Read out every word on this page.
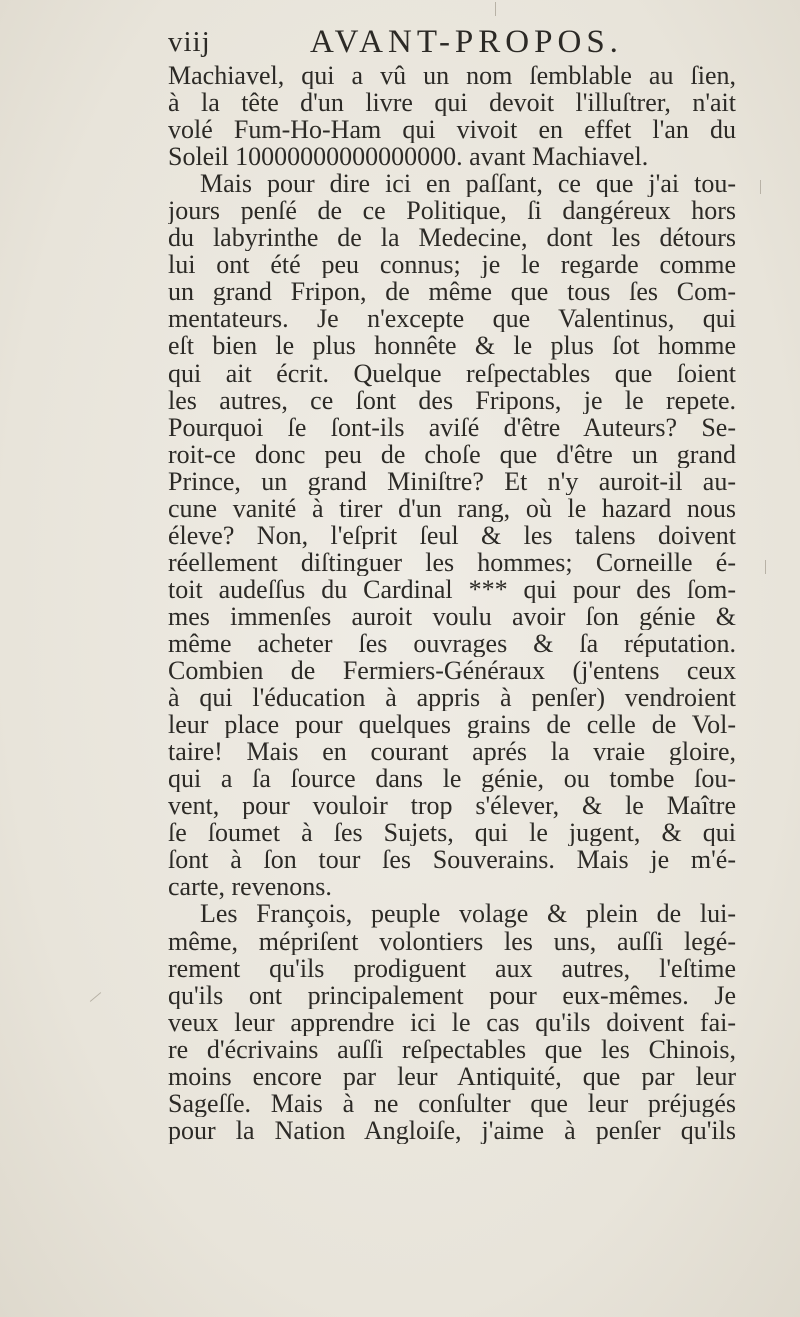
viij	AVANT-PROPOS.
Machiavel, qui a vû un nom ſemblable au ſien,
à la tête d'un livre qui devoit l'illuſtrer, n'ait
volé Fum-Ho-Ham qui vivoit en effet l'an du
Soleil 10000000000000000. avant Machiavel.
Mais pour dire ici en paſſant, ce que j'ai tou-
jours penſé de ce Politique, ſi dangéreux hors
du labyrinthe de la Medecine, dont les détours
lui ont été peu connus; je le regarde comme
un grand Fripon, de même que tous ſes Com-
mentateurs. Je n'excepte que Valentinus, qui
eſt bien le plus honnête & le plus ſot homme
qui ait écrit. Quelque reſpectables que ſoient
les autres, ce ſont des Fripons, je le repete.
Pourquoi ſe ſont-ils aviſé d'être Auteurs? Se-
roit-ce donc peu de choſe que d'être un grand
Prince, un grand Miniſtre? Et n'y auroit-il au-
cune vanité à tirer d'un rang, où le hazard nous
éleve? Non, l'eſprit ſeul & les talens doivent
réellement diſtinguer les hommes; Corneille é-
toit audeſſus du Cardinal *** qui pour des ſom-
mes immenſes auroit voulu avoir ſon génie &
même acheter ſes ouvrages & ſa réputation.
Combien de Fermiers-Généraux (j'entens ceux
à qui l'éducation à appris à penſer) vendroient
leur place pour quelques grains de celle de Vol-
taire! Mais en courant aprés la vraie gloire,
qui a ſa ſource dans le génie, ou tombe ſou-
vent, pour vouloir trop s'élever, & le Maître
ſe ſoumet à ſes Sujets, qui le jugent, & qui
ſont à ſon tour ſes Souverains. Mais je m'é-
carte, revenons.
Les François, peuple volage & plein de lui-
même, mépriſent volontiers les uns, auſſi legé-
rement qu'ils prodiguent aux autres, l'eſtime
qu'ils ont principalement pour eux-mêmes. Je
veux leur apprendre ici le cas qu'ils doivent fai-
re d'écrivains auſſi reſpectables que les Chinois,
moins encore par leur Antiquité, que par leur
Sageſſe. Mais à ne conſulter que leur préjugés
pour la Nation Angloiſe, j'aime à penſer qu'ils
